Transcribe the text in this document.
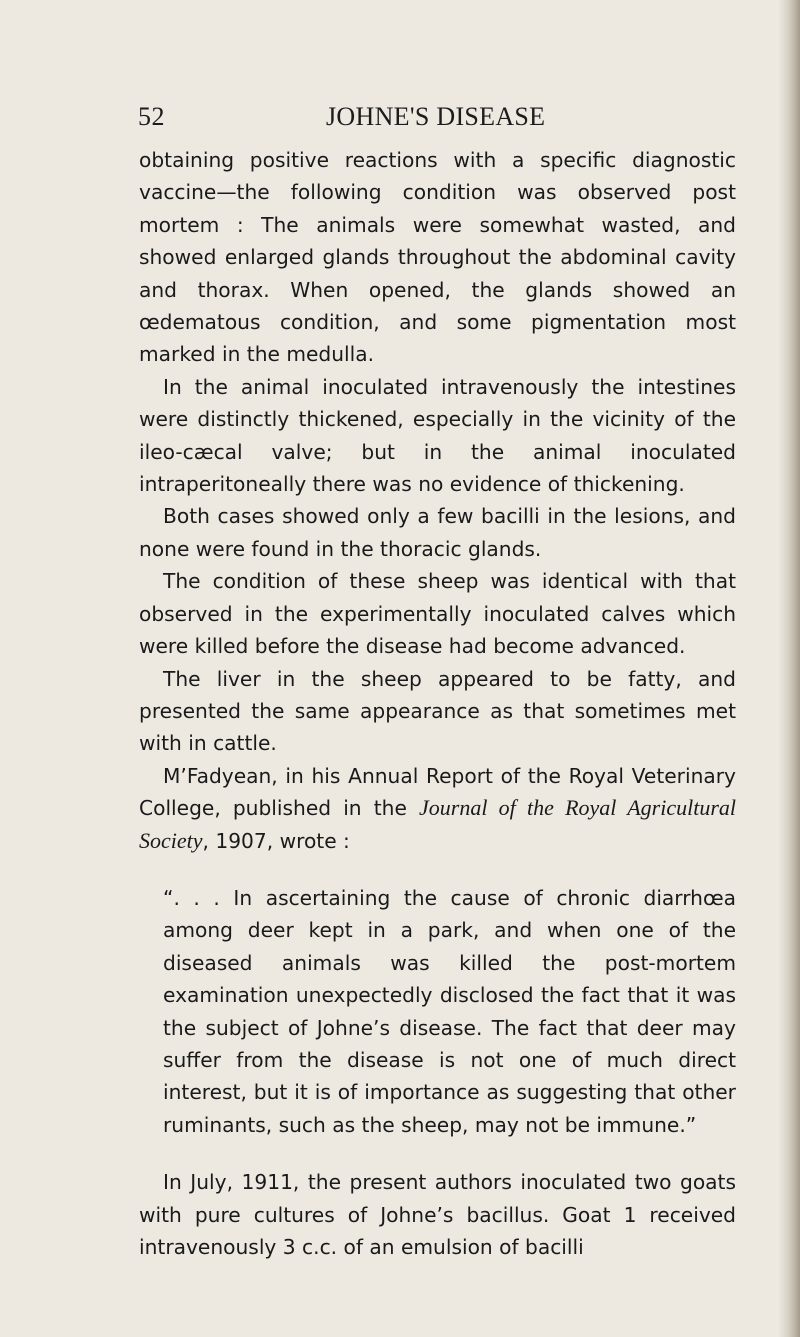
52	JOHNE'S DISEASE

obtaining positive reactions with a specific diagnostic vaccine—the following condition was observed post mortem : The animals were somewhat wasted, and showed enlarged glands throughout the abdominal cavity and thorax. When opened, the glands showed an œdematous condition, and some pigmentation most marked in the medulla.

In the animal inoculated intravenously the intestines were distinctly thickened, especially in the vicinity of the ileo-cæcal valve; but in the animal inoculated intraperitoneally there was no evidence of thickening.

Both cases showed only a few bacilli in the lesions, and none were found in the thoracic glands.

The condition of these sheep was identical with that observed in the experimentally inoculated calves which were killed before the disease had become advanced.

The liver in the sheep appeared to be fatty, and presented the same appearance as that sometimes met with in cattle.

M’Fadyean, in his Annual Report of the Royal Veterinary College, published in the Journal of the Royal Agricultural Society, 1907, wrote :

“. . . In ascertaining the cause of chronic diarrhœa among deer kept in a park, and when one of the diseased animals was killed the post-mortem examination unexpectedly disclosed the fact that it was the subject of Johne’s disease. The fact that deer may suffer from the disease is not one of much direct interest, but it is of importance as suggesting that other ruminants, such as the sheep, may not be immune.”

In July, 1911, the present authors inoculated two goats with pure cultures of Johne’s bacillus. Goat 1 received intravenously 3 c.c. of an emulsion of bacilli
